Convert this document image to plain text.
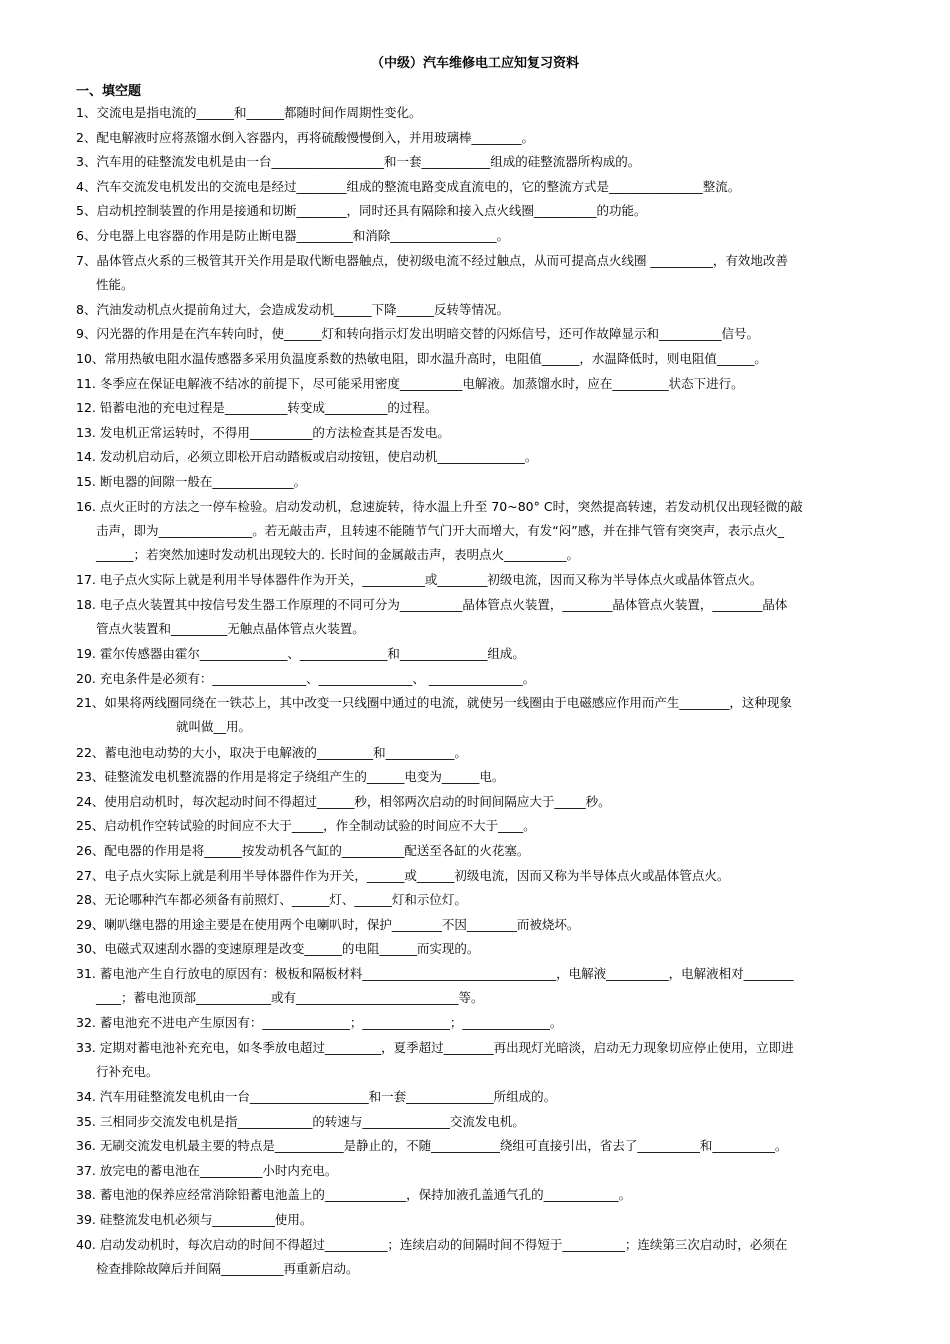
（中级）汽车维修电工应知复习资料
一、填空题
1、交流电是指电流的______和______都随时间作周期性变化。
2、配电解液时应将蒸馏水倒入容器内，再将硫酸慢慢倒入，并用玻璃棒________。
3、汽车用的硅整流发电机是由一台__________________和一套___________组成的硅整流器所构成的。
4、汽车交流发电机发出的交流电是经过________组成的整流电路变成直流电的，它的整流方式是_______________整流。
5、启动机控制装置的作用是接通和切断________，同时还具有隔除和接入点火线圈__________的功能。
6、分电器上电容器的作用是防止断电器_________和消除_________________。
7、晶体管点火系的三极管其开关作用是取代断电器触点，使初级电流不经过触点，从而可提高点火线圈 __________，有效地改善
性能。
8、汽油发动机点火提前角过大，会造成发动机______下降______反转等情况。
9、闪光器的作用是在汽车转向时，使______灯和转向指示灯发出明暗交替的闪烁信号，还可作故障显示和__________信号。
10、常用热敏电阻水温传感器多采用负温度系数的热敏电阻，即水温升高时，电阻值______，水温降低时，则电阻值______。
11. 冬季应在保证电解液不结冰的前提下，尽可能采用密度__________电解液。加蒸馏水时，应在_________状态下进行。
12. 铅蓄电池的充电过程是__________转变成__________的过程。
13. 发电机正常运转时，不得用__________的方法检查其是否发电。
14. 发动机启动后，必须立即松开启动踏板或启动按钮，使启动机______________。
15. 断电器的间隙一般在_____________。
16. 点火正时的方法之一停车检验。启动发动机，怠速旋转，待水温上升至 70~80° C时，突然提高转速，若发动机仅出现轻微的敲
击声，即为_______________。若无敲击声，且转速不能随节气门开大而增大，有发“闷”感，并在排气管有突突声，表示点火_
______；若突然加速时发动机出现较大的. 长时间的金属敲击声，表明点火__________。
17. 电子点火实际上就是利用半导体器件作为开关，__________或________初级电流，因而又称为半导体点火或晶体管点火。
18. 电子点火装置其中按信号发生器工作原理的不同可分为__________晶体管点火装置，________晶体管点火装置，________晶体
管点火装置和_________无触点晶体管点火装置。
19. 霍尔传感器由霍尔______________、______________和______________组成。
20. 充电条件是必须有：_______________、_______________、 _______________。
21、如果将两线圈同绕在一铁芯上，其中改变一只线圈中通过的电流，就使另一线圈由于电磁感应作用而产生________，这种现象
就叫做__用。
22、蓄电池电动势的大小，取决于电解液的_________和___________。
23、硅整流发电机整流器的作用是将定子绕组产生的______电变为______电。
24、使用启动机时，每次起动时间不得超过______秒，相邻两次启动的时间间隔应大于_____秒。
25、启动机作空转试验的时间应不大于_____，作全制动试验的时间应不大于____。
26、配电器的作用是将______按发动机各气缸的__________配送至各缸的火花塞。
27、电子点火实际上就是利用半导体器件作为开关，______或______初级电流，因而又称为半导体点火或晶体管点火。
28、无论哪种汽车都必须备有前照灯、______灯、______灯和示位灯。
29、喇叭继电器的用途主要是在使用两个电喇叭时，保护________不因________而被烧坏。
30、电磁式双速刮水器的变速原理是改变______的电阻______而实现的。
31. 蓄电池产生自行放电的原因有：极板和隔板材料_______________________________，电解液__________，电解液相对________
____；蓄电池顶部____________或有__________________________等。
32. 蓄电池充不进电产生原因有：______________；______________；______________。
33. 定期对蓄电池补充充电，如冬季放电超过_________，夏季超过________再出现灯光暗淡，启动无力现象切应停止使用，立即进
行补充电。
34. 汽车用硅整流发电机由一台___________________和一套______________所组成的。
35. 三相同步交流发电机是指____________的转速与______________交流发电机。
36. 无刷交流发电机最主要的特点是___________是静止的，不随___________绕组可直接引出，省去了__________和__________。
37. 放完电的蓄电池在__________小时内充电。
38. 蓄电池的保养应经常消除铅蓄电池盖上的_____________，保持加液孔盖通气孔的____________。
39. 硅整流发电机必须与__________使用。
40. 启动发动机时，每次启动的时间不得超过__________；连续启动的间隔时间不得短于__________；连续第三次启动时，必须在
检查排除故障后并间隔__________再重新启动。
